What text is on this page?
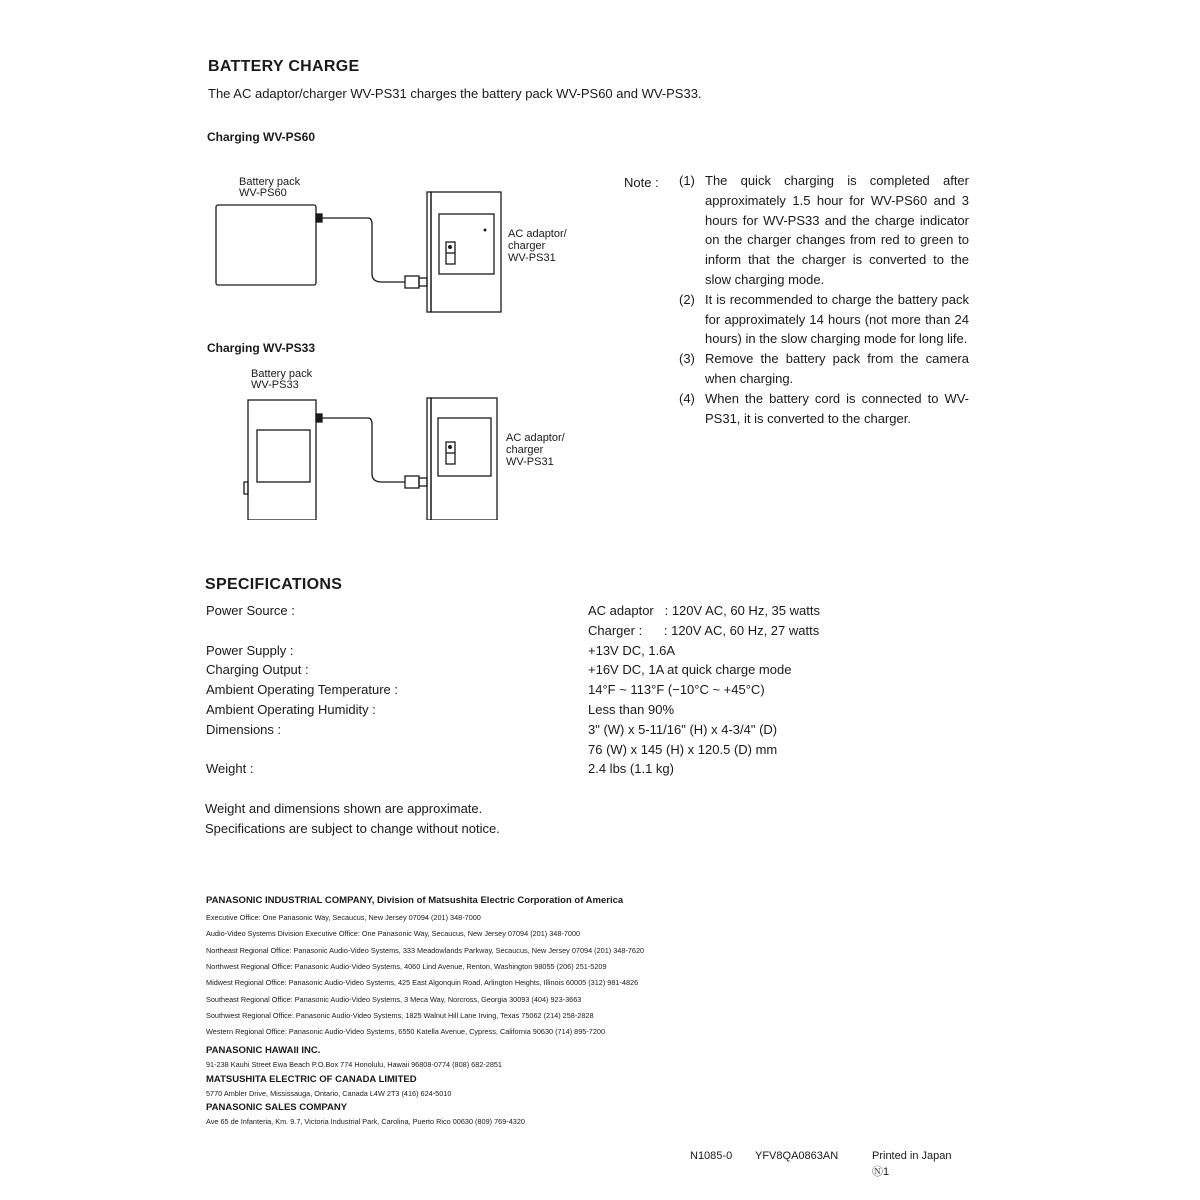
BATTERY CHARGE
The AC adaptor/charger WV-PS31 charges the battery pack WV-PS60 and WV-PS33.
Charging WV-PS60
Battery pack
WV-PS60
AC adaptor/
charger
WV-PS31
Charging WV-PS33
Battery pack
WV-PS33
AC adaptor/
charger
WV-PS31
Note : (1) The quick charging is completed after approximately 1.5 hour for WV-PS60 and 3 hours for WV-PS33 and the charge indicator on the charger changes from red to green to inform that the charger is converted to the slow charging mode.
(2) It is recommended to charge the battery pack for approximately 14 hours (not more than 24 hours) in the slow charging mode for long life.
(3) Remove the battery pack from the camera when charging.
(4) When the battery cord is connected to WV-PS31, it is converted to the charger.
SPECIFICATIONS
Power Source :	AC adaptor   : 120V AC, 60 Hz, 35 watts
Charger :      : 120V AC, 60 Hz, 27 watts
Power Supply :	+13V DC, 1.6A
Charging Output :	+16V DC, 1A at quick charge mode
Ambient Operating Temperature :	14°F ~ 113°F (−10°C ~ +45°C)
Ambient Operating Humidity :	Less than 90%
Dimensions :	3" (W) x 5-11/16" (H) x 4-3/4" (D)
76 (W) x 145 (H) x 120.5 (D) mm
Weight :	2.4 lbs (1.1 kg)
Weight and dimensions shown are approximate.
Specifications are subject to change without notice.
PANASONIC INDUSTRIAL COMPANY, Division of Matsushita Electric Corporation of America
Executive Office: One Panasonic Way, Secaucus, New Jersey 07094 (201) 348-7000
Audio-Video Systems Division Executive Office: One Panasonic Way, Secaucus, New Jersey 07094 (201) 348-7000
Northeast Regional Office: Panasonic Audio-Video Systems, 333 Meadowlands Parkway, Secaucus, New Jersey 07094 (201) 348-7620
Northwest Regional Office: Panasonic Audio-Video Systems, 4060 Lind Avenue, Renton, Washington 98055 (206) 251-5209
Midwest Regional Office: Panasonic Audio-Video Systems, 425 East Algonquin Road, Arlington Heights, Illinois 60005 (312) 981-4826
Southeast Regional Office: Panasonic Audio-Video Systems, 3 Meca Way, Norcross, Georgia 30093 (404) 923-3663
Southwest Regional Office: Panasonic Audio-Video Systems, 1825 Walnut Hill Lane Irving, Texas 75062 (214) 258-2828
Western Regional Office: Panasonic Audio-Video Systems, 6550 Katella Avenue, Cypress, California 90630 (714) 895-7200
PANASONIC HAWAII INC.
91-238 Kauhi Street Ewa Beach P.O.Box 774 Honolulu, Hawaii 96808-0774 (808) 682-2851
MATSUSHITA ELECTRIC OF CANADA LIMITED
5770 Ambler Drive, Mississauga, Ontario, Canada L4W 2T3 (416) 624-5010
PANASONIC SALES COMPANY
Ave 65 de Infanteria, Km. 9.7, Victoria Industrial Park, Carolina, Puerto Rico 00630 (809) 769-4320
N1085-0 YFV8QA0863AN	Printed in Japan
Ⓝ1
